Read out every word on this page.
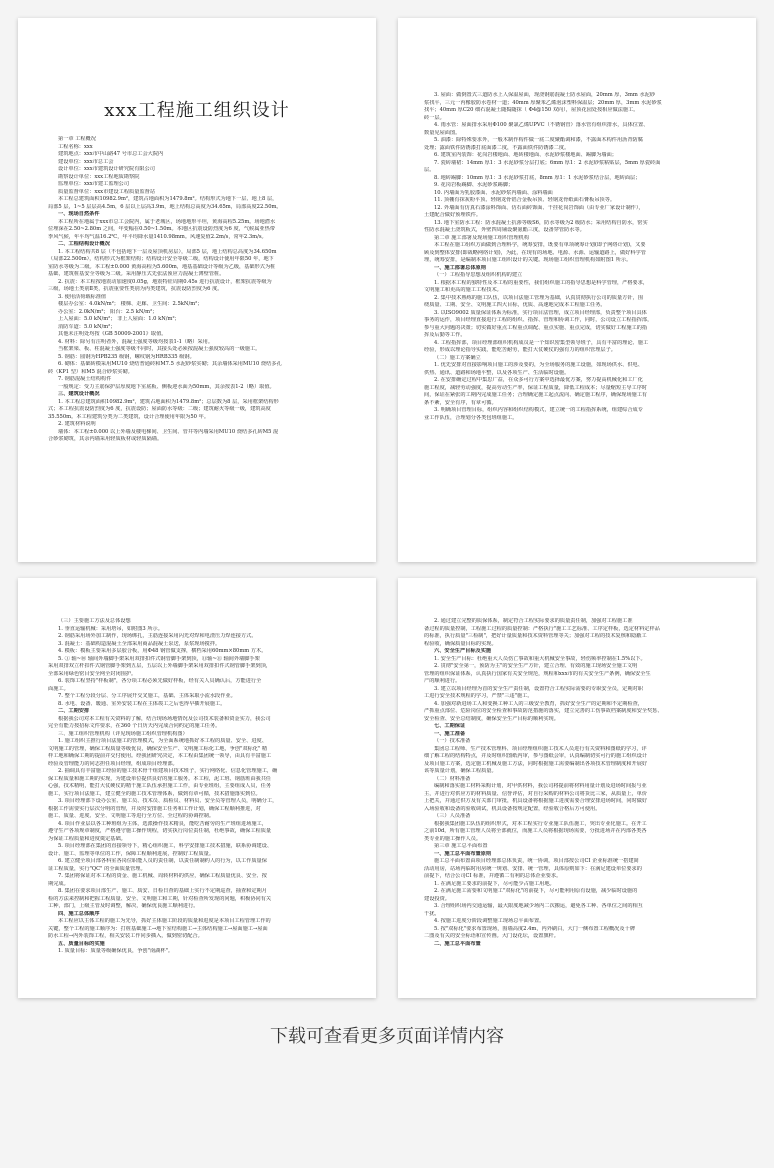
xxx工程施工组织设计
第一章 工程概况
工程名称：xxx
建筑地点：xxx市中山路47 号市总工会大院内
建设单位：xxx市总工会
设计单位：xxx市建筑设计研究院有限公司
勘察设计单位：xxx工程地质勘察院
监理单位：xxx市建工监理公司
质量监督单位：xxx市建设工程质量监督站
本工程总建筑面积10982.9m²，建筑占地面积为1479.8m²。结构形式为地下一层、地上8 层，
局部5 层，1~5 层层高4.5m，6 层以上层高3.9m，地上结构总高度为34.65m，局部高度22.50m。
一、现场自然条件
本工程所在地属于xxx市总工会院内，属于老城区，场地地形平坦，黄海高程5.25m。场地潜水
位埋深在2.50~2.80m 之间，年变幅在0.50~1.50m。本地区抗震设防烈度为6 度，气候属亚热带
季风气候，年平均气温16.2℃，年平均降水量1410.98mm。风速复值2.2m/s，常年2.3m/s。
二、工程结构设计概况
1. 本工程结构共8 层（不包括地下一层及屋顶机房层），局部5 层，地上结构总高度为34.650m
（局部22.500m），结构形式为框架结构；结构设计安全等级二级，结构设计使用年限50 年，地下
室防水等级为二级。本工程±0.000 黄海高程为5.600m，地基基础设计等级为乙级，基础形式为桩
基础，建筑桩基安全等级为二级。采用静压式先张法预应力混凝土薄壁管桩。
2. 抗震：本工程按地震动加速度0.05g，地震特征周期0.45s 进行抗震设计，框架抗震等级为
三级，场地土类别Ⅱ类，抗震重要性类别为丙类建筑，抗震设防烈度为6 度。
3. 使用活荷载标准值
楼层办公室：4.0kN/m²； 楼梯、走廊、卫生间：2.5kN/m²；
办公室：2.0kN/m²； 阳台：2.5 kN/m²；
上人屋面：5.0 kN/m²； 非上人屋面：1.0 kN/m²；
消防车道：5.0 kN/m²；
其他未注明处均按《GB 50009-2001》取值。
4. 材料：除另有注明者外，混凝土强度等级均按表1-1（略）采用。
当框架梁、板、柱混凝土强度等级不同时，其接头处必须按混凝土强度较高的一级施工。
5. 钢筋：圆钢为HPB235 级钢，螺纹钢为HRB335 级钢。
6. 砌体：基础砖模采用MU10 烧结普通砖和M7.5 水泥砂浆实砌；其余墙体采用MU10 烧结多孔
砖（KP1 型）和M5 混合砂浆实砌。
7. 钢筋混凝土结构构件
一般规定：受力主筋保护层厚度地下室底板、侧板迎水面为50mm，其余按表1-2（略）取值。
三、建筑设计概况
1. 本工程总建筑面积10982.9m²，建筑占地面积为1479.8m²；总层数为8 层，采用框架结构形
式；本工程抗震设防烈度为6 度，抗震设防；屋面防水等级：二级；建筑耐火等级一级，建筑高度
35.550m。本工程建筑分类为二类建筑，设计合理使用年限为50 年。
2. 建筑材料说明
墙体：本工程±0.000 以上外墙及楼电梯间、卫生间、管井等内墙采用MU10 烧结多孔砖M5 混
合砂浆砌筑，其余内墙采用轻质板材或轻质隔墙。
3. 屋面：做倒置式三道防水上人保温屋面，现浇钢筋混凝土防水屋面，20mm 厚，3mm 水泥砂
浆找平，三元一丙橡胶防水卷材一道；40mm 厚聚苯乙烯泡沫塑料保温层；20mm 厚，3mm 水泥砂浆
找平；40mm 厚C20 细石混凝土随捣随抹（ Φ4@150 双向），屋顶花园处按相应做法施工。
砖一层。
4. 雨水管：屋面排水采用Φ100 聚氯乙烯UPVC（不锈钢管）落水管有组织排水，具体位置、
数量见屋面图。
5. 油漆：除特殊要求外，一般木制作构件做一底二度聚酯调和漆，不露面木构件用沥青防腐
处理；露面铁件防锈漆打底面漆二度，不露面铁件防锈漆二度。
6. 建筑室内装饰：花岗岩楼地面、地砖楼地面、水泥砂浆楼地面、踢脚为墙面；
7. 瓷砖墙裙：14mm 厚1：3 水泥砂浆分层打底；6mm 厚1：2 水泥砂浆粘贴层，5mm 厚瓷砖面
层。
8. 地砖踢脚：10mm 厚1：3 水泥砂浆打底，8mm 厚1：1 水泥砂浆结合层，地砖面层；
9. 花岗岩板踢脚、水泥砂浆踢脚；
10. 内墙面为乳胶漆面、水泥砂浆内墙面、涂料墙面
11. 顶棚有抹灰粉平顶、轻钢龙骨铝合金板吊顶、轻钢龙骨纸面石膏板吊顶等。
12. 外墙面有仿真石漆涂料饰面、仿石面砖饰面、干挂花岗岩饰面（由专业厂家设计制作），
土建配合做好预埋铁件。
13. 地下室防水工程：防水混凝土抗渗等级S6，防水等级为2 级防水；采用结构自防水，密实
性防水混凝土浇筑板式，外壁四周铺设聚氨酯三度，设备穿管防水等。
第二章 施工部署及现场施工组织管理机构
本工程在施工组织方面做到合理科学，统筹安排，既要有单项统筹计划(即子网络计划)，又要
顾及到整体安排(即战略网络计划)，为此，在现有的场地、电源、水源、运输道路上，做好科学管
理，统筹安排，是编制本项目施工组织设计的关键。现场施工组织管理机构如附图1 所示。
一、施工部署总体原则
（一）工程指导思想及组织机构的建立
1. 根据本工程的独特性及本工程的重要性，我们组织施工的指导思想是科学管理，严格要求，
文明施工和更高的施工工程技术。
2. 集中技术熟练的施工队伍，以项目法施工管理为基础，认真贯彻执行公司的质量方针，围
绕质量、工期、安全、文明施工四大目标，优质、高速地完成本工程施工任务。
3. 以ISO9002 质量保证体系为标准，实行项目法管理，成立项目经理部，负责整个项目具体
事务的运作，项目经理直接进行工程的组织、指挥、管理和协调工作，同时，公司设立工程指挥部，
参与重大问题的决策；切实做好重点工程重点调配、重点实施、重点完成，切实做好工程施工的指
挥及后勤等工作。
4. 工程指挥部，项目经理部组织机构成员是一个知识密集型领导班子，具有丰富的理论、施工
经验，形成以理论指导实践，能吃苦耐劳，能打大仗硬仗的强有力的组织管理层子。
（二）施工方案确立
1. 优先安排对直接影响项目施工的涉及要的，为全场服务的施工设施，如现场供水、供电、
供热、通讯、道路和场地平整，以及各项生产、生活临时设施。
2. 在安排确定过程中集思广益，在众多可行方案中选择最优方案，努力提高机械化和工厂化
施工程度，减轻劳动强度，提高劳动生产率，保证工程质量，降低工程成本；尽量缩短主导工序时
间，保证在紧张的工期内完成施工任务；合理确定施工起点流向、确定施工程序，确保现场施工有
条不紊，安全有序，有章可循。
3. 明确项目管理目标，组织内容和组织结构模式，建立统一的工程指挥系统，组建综合成专
业工作队伍，合理划分各类包班组施工。
（三）主要施工方法及总体设想
1. 垂直运输机械：采用塔吊，如附图3 所示。
2. 钢筋采用场外加工制作，现场绑扎，主筋连接采用闪光对焊和电渣压力焊连接方式。
3. 混凝土：基础构造混凝土全部采用商品混凝土泵送，泵浆现场搅拌。
4. 模板：模板主要采用多层胶合板，用Φ48 钢管做支撑，横档采用60mm×80mm 方木。
5. ① 轴~⑩ 轴间外墙脚手架采用双排扣件式钢管脚手架到顶，⑪轴~⑪ 轴间外墙脚手架
采用双排双立杆扣件式钢管脚手架到五层，五层以上外墙脚手架采用双排扣件式钢管脚手架到顶，
全部采用绿色密目安全网全封闭围护。
6. 装饰工程坚持"样板制"，各分项工程必须先做好样板，经有关人员确认后，方能进行全
面施工。
7. 整个工程分段分层、分工序展开交叉施工，基础、主体采取小流水段作业。
8. 水电、设备、暖通、室外安装工程在主体竣工之后也得早插开展施工。
二、工期安排
根据我公司对本工程有关资料的了解，结合现场场地情况及公司技术装备和资金实力，我公司
完全有能力按招标文件要求，在360 个日历天内完成合同约定的施工任务。
三、施工组织管理机构（详见现场施工组织管理机构图）
1. 施工组织主推行项目法施工的管理模式，为全面系统地抓好本工程的质量、安全、进度、
文明施工的管理，确保工程质量等级优良，确保安全生产、文明施工标化工地，争创"双标化" 精
样工地和确保工期的提前并交付使用。经我团研究决定，本工程由集团统一领导，由具有丰富施工
经验及管理能力的同志担任项目经理，组成项目经理部。
2. 抽调具有丰富施工经验的施工技术骨干组建项目技术班子，实行网络化、信息化管理施工，确
保工程质量和施工期的实现，为建设单位提供良好的施工服务。本工程，泥工班、钢筋班由我共任
心强，技术精明，能打大仗硬仗的精干施工队伍承担施工工作，由专业班组，主要组成人员，任务
施工，实行项目法施工，建立健全的施工技术管理体系，做到有章可循，技术措施落实到位。
3. 项目经理部下设办公室、施工员、技术员、质检员、材料员、安全员等管理人员，明确分工，
根据工作需要实行层次分明的管理，并及时安排施工任务和工作计划，确保工程顺利推进，对
施工、质量、进度、安全、文明施工等进行全方位、全过程的协调控制。
4. 项目作业层以各工种班组为主体，选派操作技术精良，能吃苦耐劳的生产班组进场施工，
遵守生产各项规章制度，严格遵守施工操作规程，切实执行岗位责任制，杜绝事故，确保工程质量
为保证工程质量和进度奠定基础。
5. 项目经理部在集团的直接领导下，精心组织施工，科学安排施工技术措施，联系协调建设、
设计、施工、监理等单位的工作，保障工程顺利进展，控制好工程质量。
6. 建立健全项目部各科室各岗位职能人员的责任制，以责任制制约人的行为，以工作质量保
证工程质量，实行"QC" 的全面质量管理。
7. 集团将保证对本工程的资金、施工机械、周转材料的供应，确保工程质量优良、安全、按
期完成。
8. 集团在要求项目部生产、施工、质安、日检日查的基础上实行不定期巡查，抽查和定期月
检的方法来控制和把握工程质量、安全、文明施工和工期，针对检查所发现的问题，积极协同有关
工种，部门，上级主管及时调整，解决，确保优良施工顺利进行。
四、施工总体顺序
本工程应以主体工程的施工为先导，抓好主体施工阶段的质量和进度是本项目工程管理工作的
关键，整个工程的施工顺序为：打桩基础施工→地下室结构施工→主体结构施工→屋面施工→屋面
防水工程→内外装饰工程，相关安装工作同步插入，做到密切配合。
五、质量目标的实施
1. 质量目标：质量等级确保优良，争创"南湖杯"。
2. 通过建立完整的质保体系，制定符合工程实际要求的质量责任制，加强对工程施工准
备过程的质量控制，工程施工过程的质量控制：严格执行"施工工艺标准、工序定样板，选定材料定样品
的标准，执行质量"三检制"，把好计量质量和技术资料管理等关；加强对工程的技术复核和隐蔽工
程验收，确保质量目标的实现。
六、安全生产目标及实施
1. 安全生产目标：杜绝重大人员伤亡事故和重大机械安全事故，轻伤频率控制在1.5%以下。
2. 贯彻"安全第一，预防为主"的安全生产方针，建立合理、有效的施工现场安全施工文明
管理的组织保证体系，认真执行国家有关安全规范，规程和xxx市的有关安全生产条例，确保安全生
产的顺利进行。
3. 建立以项目经理为首的安全生产责任制，设置符合工程实际需要的专职安全员，定期对职
工进行安全技术规程的学习，严禁"三违"施工。
4. 加强对新进场工人和变换工种工人的三级安全教育，抓好安全生产的定期和不定期检查，
严抓重点部位、危险岗位的安全检查和事故防范措施的落实，建立完善的工伤事故档案制度和安全奖惩、
安全检查、安全总结制度，确保安全生产目标的顺利实现。
七、工期保证
一、施工准备
（一）技术准备
集团总工程师、生产技术管理科、项目经理组织施工技术人员进行有关资料和图纸的学习，详
细了解工程的结构特点，并及时组织图纸内审，参与图纸会审，认真编制切实可行的施工组织设计
及项目施工方案，选定施工机械及施工方法，同时根据施工需要编制出各项技术管理制度和开展好
该等质量计划，确保工程质量。
（二）材料准备
编制和落实施工材料采购计划，对甲供材料，我公司将提前将材料用量计划及进场时间报与业
主，并进行对供应方的材料质量、信誉评估，对自行采购的材料公司将货比三家，从质量上，单价
上把关，并通过供方及有关部门审批，机具设备将根据施工进度需要合理安排进场时间，同时做好
入场验收和设备的验收调试，机具设备按规定配置，经验收合格后方可使用。
（三）人员准备
根据我集团施工队伍的组织形式，对本工程实行专业施工队伍施工，突出专业化施工。在开工
之前10d，所有施工管理人员将全部就位，而施工人员将根据现场需要，分批进场并在内部各类各
类专业的施工操作人员。
第三章 施工总平面布置
一、施工总平面布置原则
施工总平面布置由项目经理部总体负责，统一协调，项目部按公司CI 企业标准统一搭建简
活动用房，站场内临时用房统一规划、安排、统一管理，具体原则如下：在满足建设单位要求的
前提下，结合公司CI 标准，并遵循二有利的总体企业要求。
1. 在满足施工要求的前提下，尽可能少占施工用地。
2. 在满足施工需要和文明施工"双标化"的前提下，尽可能利用原有设施，减少临时设施的
建设投资。
3. 合理组织场内交通运输，最大限度地减少场内二次搬运，避免各工种、各单位之间的相互
干扰。
4. 按施工进度分阶段调整施工现场总平面布置。
5. 按"双标化"要求布置现场，围墙高度2.4m，内外刷白，大门一侧布置工程概况及十牌
二图及有关的安全标语和宣传画。大门设花坛，设置旗杆。
二、施工总平面布置
下载可查看更多页面详情内容
